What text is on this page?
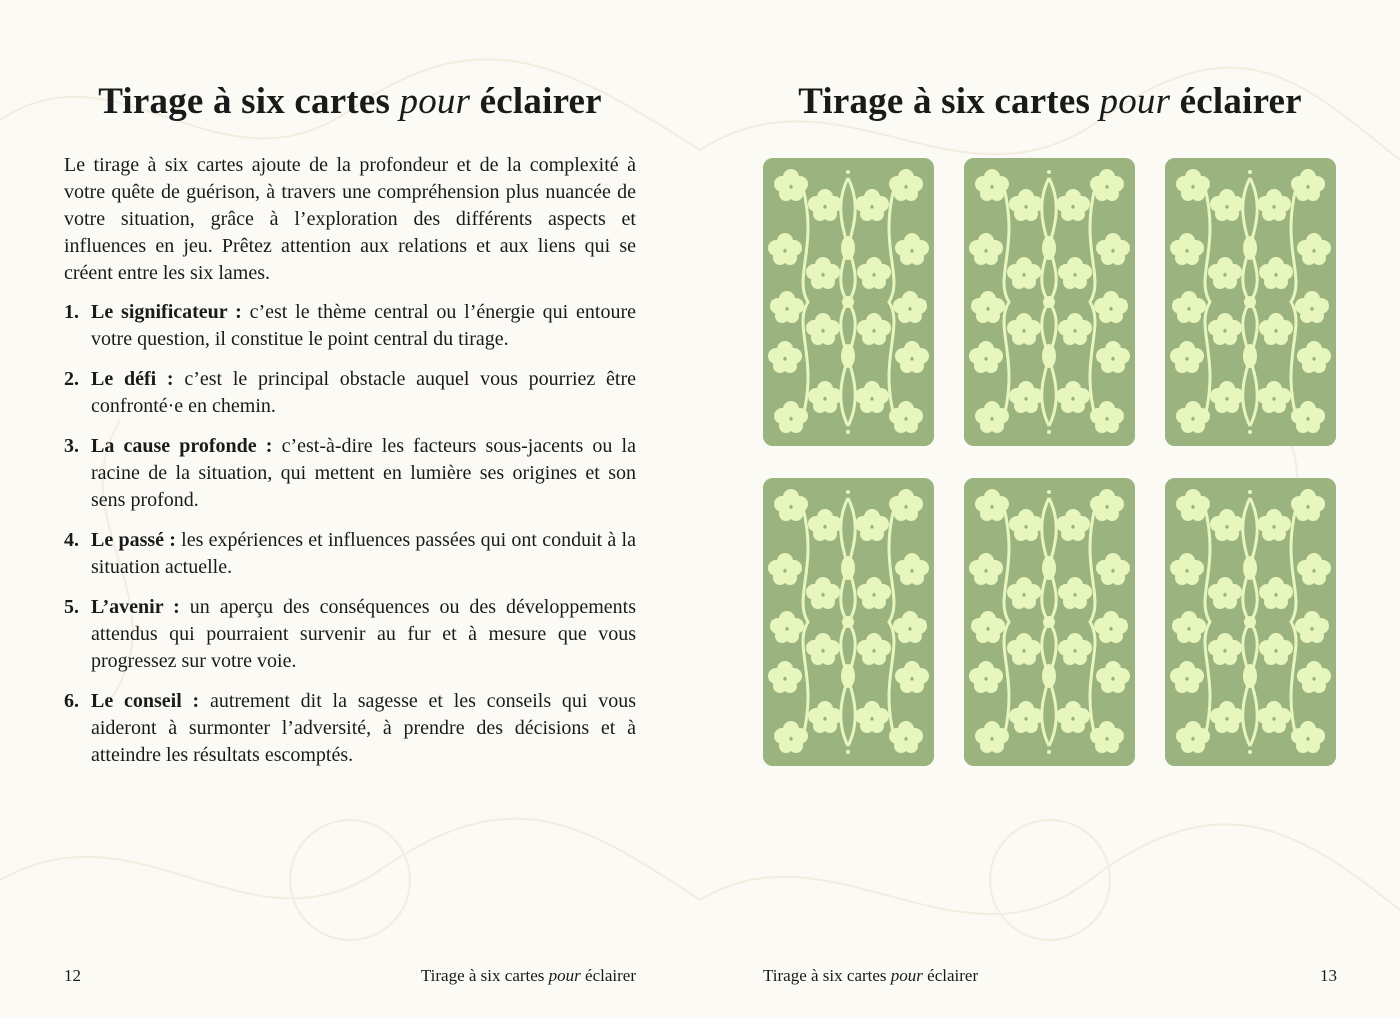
Tirage à six cartes pour éclairer

Le tirage à six cartes ajoute de la profondeur et de la complexité à votre quête de guérison, à travers une compréhension plus nuancée de votre situation, grâce à l’exploration des différents aspects et influences en jeu. Prêtez attention aux relations et aux liens qui se créent entre les six lames.

1. Le significateur : c’est le thème central ou l’énergie qui entoure votre question, il constitue le point central du tirage.
2. Le défi : c’est le principal obstacle auquel vous pourriez être confronté·e en chemin.
3. La cause profonde : c’est-à-dire les facteurs sous-jacents ou la racine de la situation, qui mettent en lumière ses origines et son sens profond.
4. Le passé : les expériences et influences passées qui ont conduit à la situation actuelle.
5. L’avenir : un aperçu des conséquences ou des développements attendus qui pourraient survenir au fur et à mesure que vous progressez sur votre voie.
6. Le conseil : autrement dit la sagesse et les conseils qui vous aideront à surmonter l’adversité, à prendre des décisions et à atteindre les résultats escomptés.
12	Tirage à six cartes pour éclairer
Tirage à six cartes pour éclairer
Tirage à six cartes pour éclairer	13
